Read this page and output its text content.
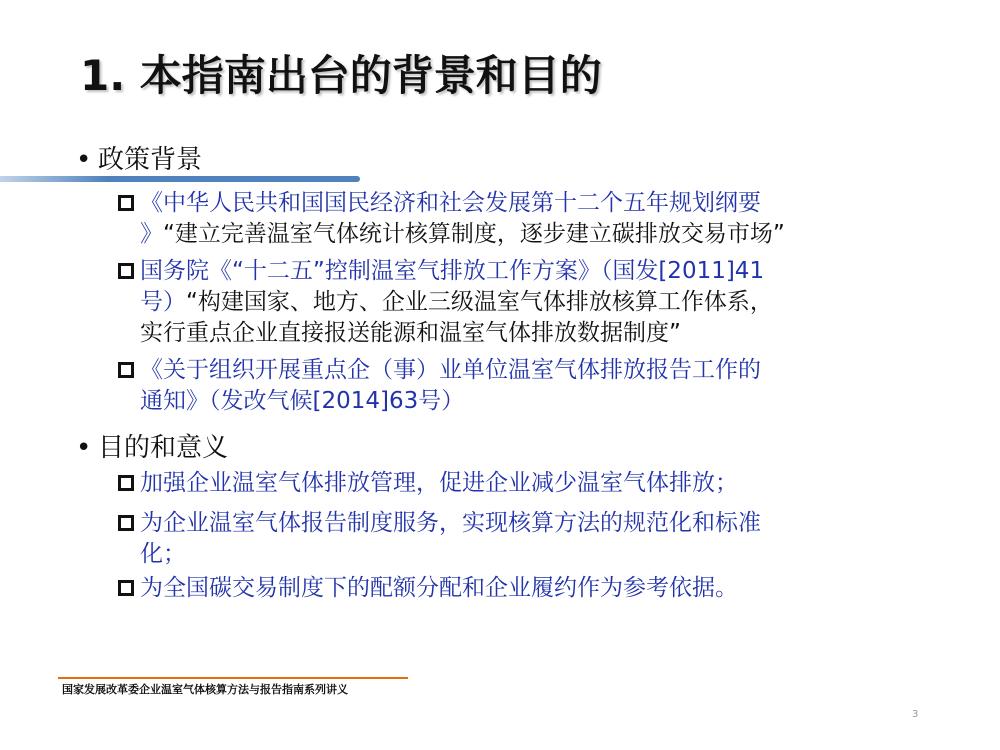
1. 本指南出台的背景和目的
• 政策背景
《中华人民共和国国民经济和社会发展第十二个五年规划纲要
》“建立完善温室气体统计核算制度，逐步建立碳排放交易市场”
国务院《“十二五”控制温室气排放工作方案》（国发[2011]41
号）“构建国家、地方、企业三级温室气体排放核算工作体系，
实行重点企业直接报送能源和温室气体排放数据制度”
《关于组织开展重点企（事）业单位温室气体排放报告工作的
通知》（发改气候[2014]63号）
• 目的和意义
加强企业温室气体排放管理，促进企业减少温室气体排放；
为企业温室气体报告制度服务，实现核算方法的规范化和标准
化；
为全国碳交易制度下的配额分配和企业履约作为参考依据。
国家发展改革委企业温室气体核算方法与报告指南系列讲义
3
